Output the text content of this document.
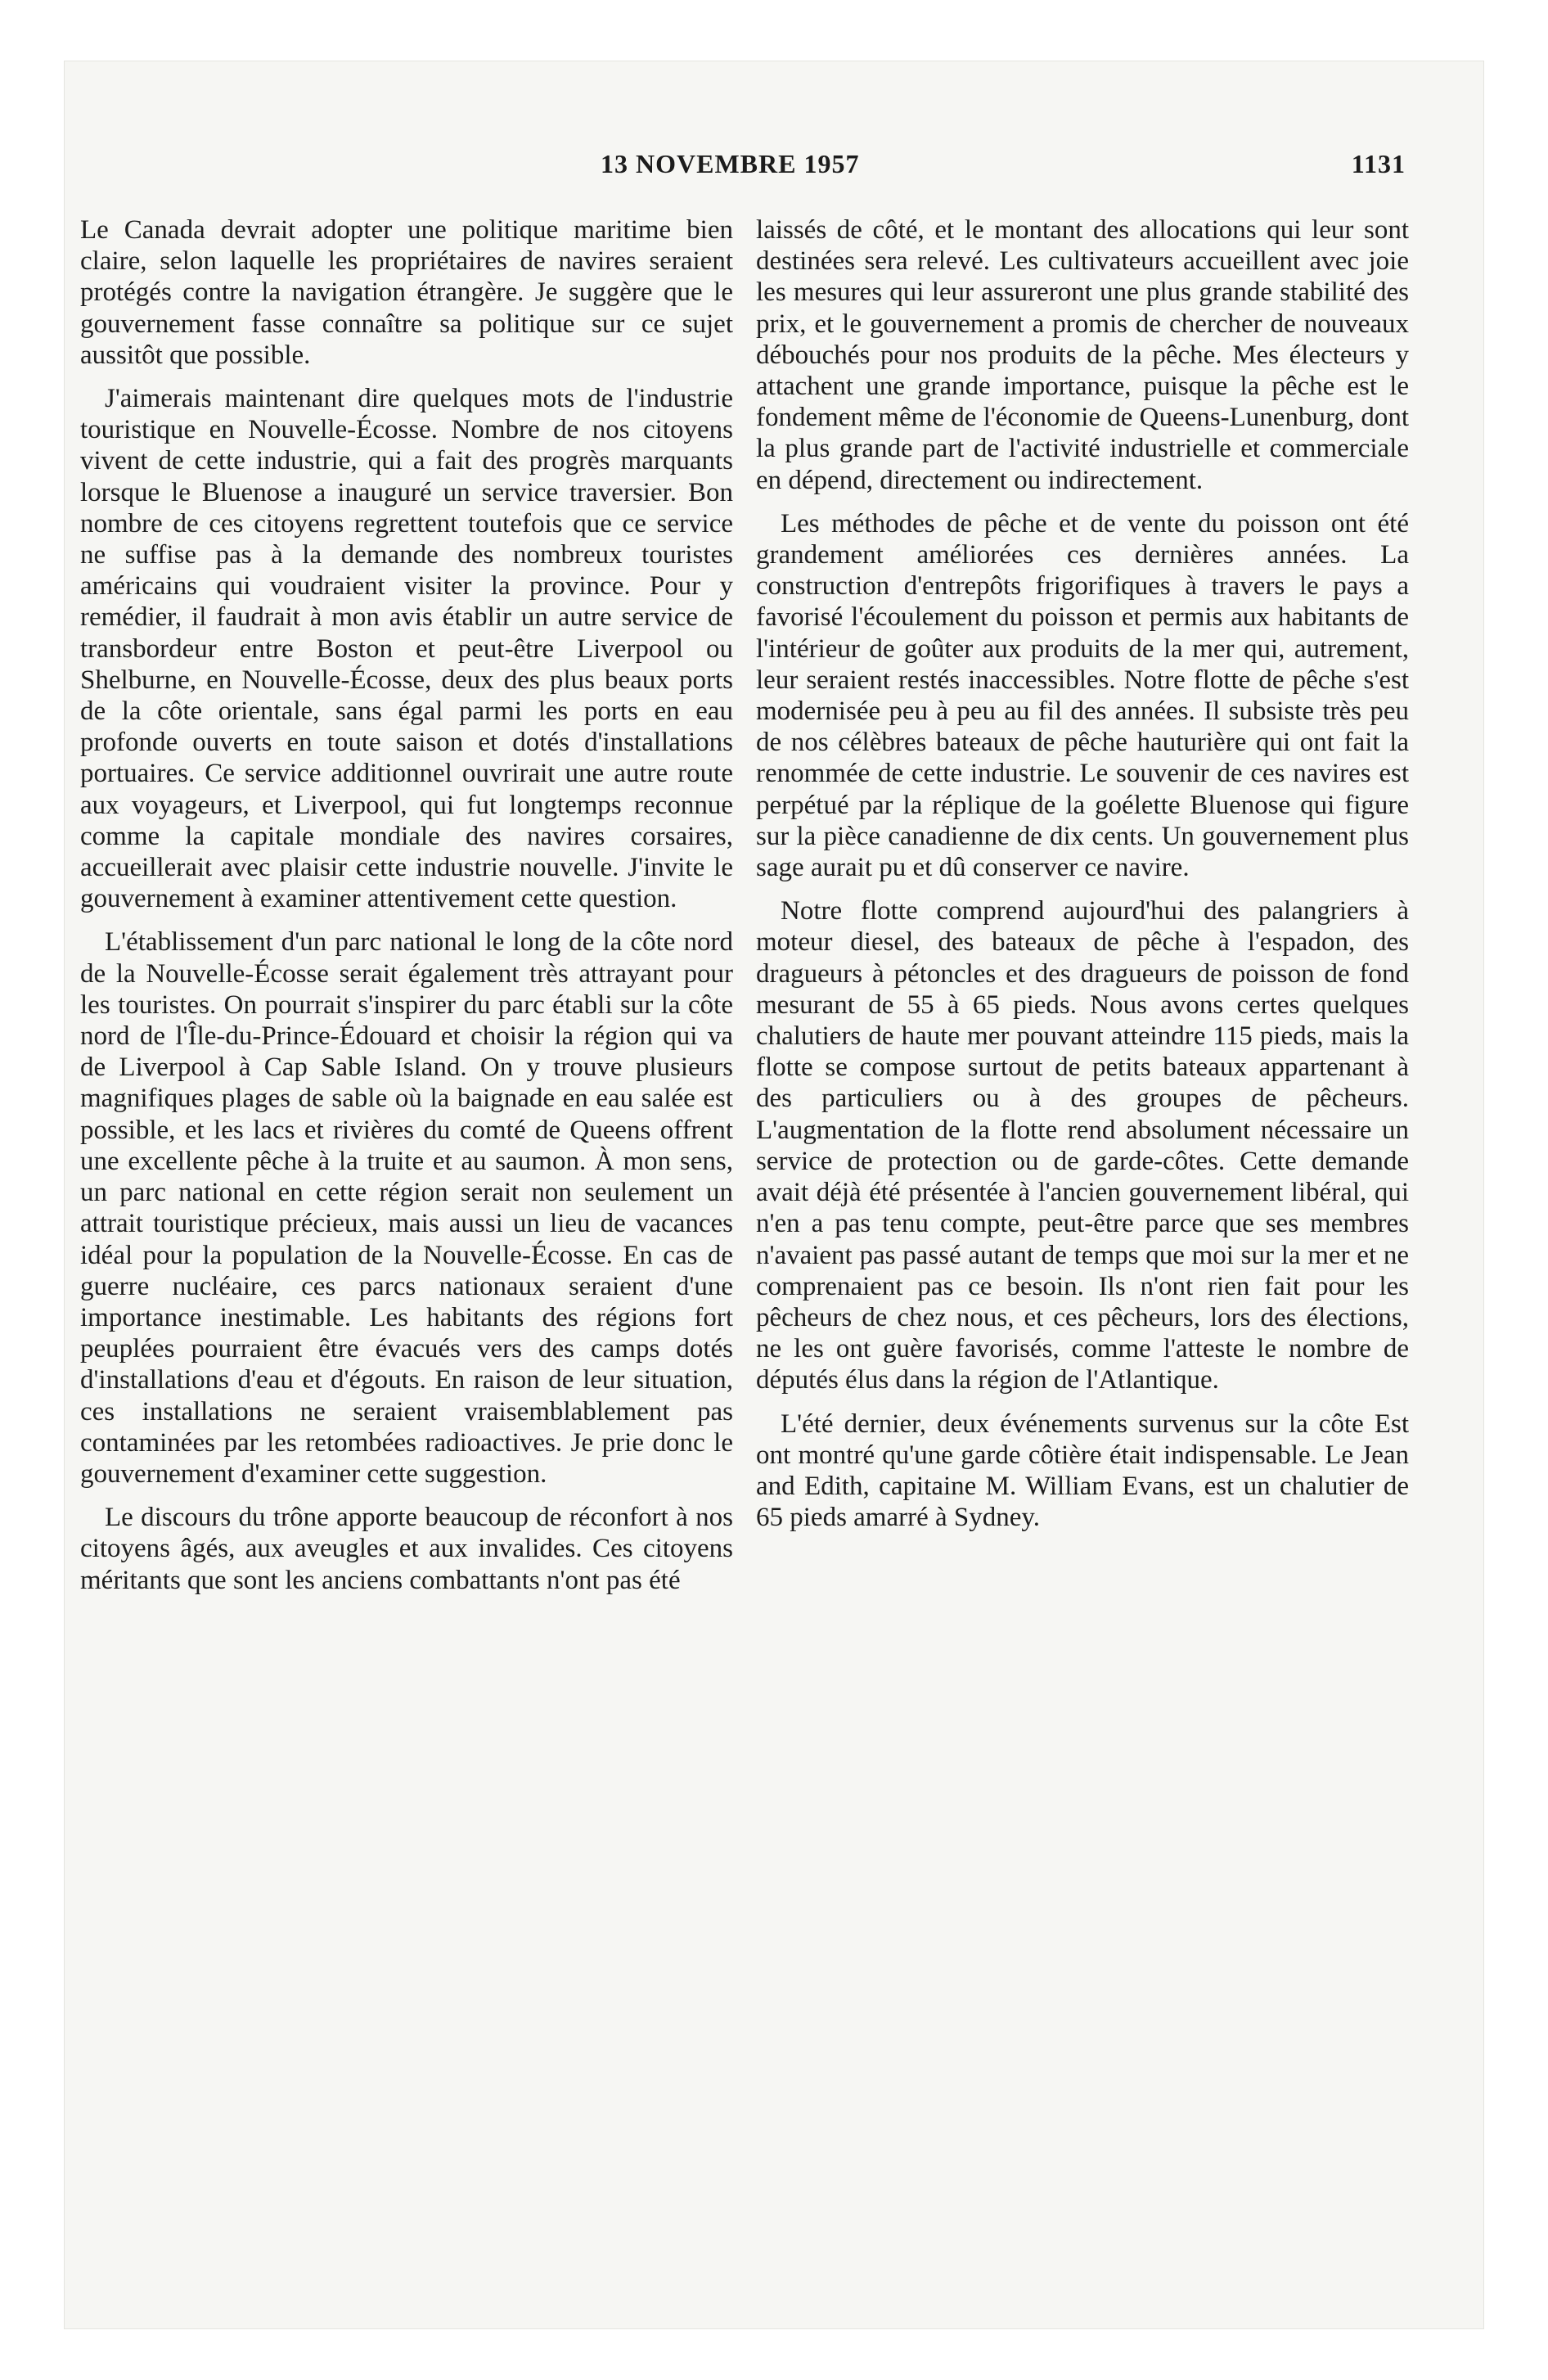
13 NOVEMBRE 1957	1131

Le Canada devrait adopter une politique maritime bien claire, selon laquelle les propriétaires de navires seraient protégés contre la navigation étrangère. Je suggère que le gouvernement fasse connaître sa politique sur ce sujet aussitôt que possible.

J'aimerais maintenant dire quelques mots de l'industrie touristique en Nouvelle-Écosse. Nombre de nos citoyens vivent de cette industrie, qui a fait des progrès marquants lorsque le Bluenose a inauguré un service traversier. Bon nombre de ces citoyens regrettent toutefois que ce service ne suffise pas à la demande des nombreux touristes américains qui voudraient visiter la province. Pour y remédier, il faudrait à mon avis établir un autre service de transbordeur entre Boston et peut-être Liverpool ou Shelburne, en Nouvelle-Écosse, deux des plus beaux ports de la côte orientale, sans égal parmi les ports en eau profonde ouverts en toute saison et dotés d'installations portuaires. Ce service additionnel ouvrirait une autre route aux voyageurs, et Liverpool, qui fut longtemps reconnue comme la capitale mondiale des navires corsaires, accueillerait avec plaisir cette industrie nouvelle. J'invite le gouvernement à examiner attentivement cette question.

L'établissement d'un parc national le long de la côte nord de la Nouvelle-Écosse serait également très attrayant pour les touristes. On pourrait s'inspirer du parc établi sur la côte nord de l'Île-du-Prince-Édouard et choisir la région qui va de Liverpool à Cap Sable Island. On y trouve plusieurs magnifiques plages de sable où la baignade en eau salée est possible, et les lacs et rivières du comté de Queens offrent une excellente pêche à la truite et au saumon. À mon sens, un parc national en cette région serait non seulement un attrait touristique précieux, mais aussi un lieu de vacances idéal pour la population de la Nouvelle-Écosse. En cas de guerre nucléaire, ces parcs nationaux seraient d'une importance inestimable. Les habitants des régions fort peuplées pourraient être évacués vers des camps dotés d'installations d'eau et d'égouts. En raison de leur situation, ces installations ne seraient vraisemblablement pas contaminées par les retombées radioactives. Je prie donc le gouvernement d'examiner cette suggestion.

Le discours du trône apporte beaucoup de réconfort à nos citoyens âgés, aux aveugles et aux invalides. Ces citoyens méritants que sont les anciens combattants n'ont pas été

laissés de côté, et le montant des allocations qui leur sont destinées sera relevé. Les cultivateurs accueillent avec joie les mesures qui leur assureront une plus grande stabilité des prix, et le gouvernement a promis de chercher de nouveaux débouchés pour nos produits de la pêche. Mes électeurs y attachent une grande importance, puisque la pêche est le fondement même de l'économie de Queens-Lunenburg, dont la plus grande part de l'activité industrielle et commerciale en dépend, directement ou indirectement.

Les méthodes de pêche et de vente du poisson ont été grandement améliorées ces dernières années. La construction d'entrepôts frigorifiques à travers le pays a favorisé l'écoulement du poisson et permis aux habitants de l'intérieur de goûter aux produits de la mer qui, autrement, leur seraient restés inaccessibles. Notre flotte de pêche s'est modernisée peu à peu au fil des années. Il subsiste très peu de nos célèbres bateaux de pêche hauturière qui ont fait la renommée de cette industrie. Le souvenir de ces navires est perpétué par la réplique de la goélette Bluenose qui figure sur la pièce canadienne de dix cents. Un gouvernement plus sage aurait pu et dû conserver ce navire.

Notre flotte comprend aujourd'hui des palangriers à moteur diesel, des bateaux de pêche à l'espadon, des dragueurs à pétoncles et des dragueurs de poisson de fond mesurant de 55 à 65 pieds. Nous avons certes quelques chalutiers de haute mer pouvant atteindre 115 pieds, mais la flotte se compose surtout de petits bateaux appartenant à des particuliers ou à des groupes de pêcheurs. L'augmentation de la flotte rend absolument nécessaire un service de protection ou de garde-côtes. Cette demande avait déjà été présentée à l'ancien gouvernement libéral, qui n'en a pas tenu compte, peut-être parce que ses membres n'avaient pas passé autant de temps que moi sur la mer et ne comprenaient pas ce besoin. Ils n'ont rien fait pour les pêcheurs de chez nous, et ces pêcheurs, lors des élections, ne les ont guère favorisés, comme l'atteste le nombre de députés élus dans la région de l'Atlantique.

L'été dernier, deux événements survenus sur la côte Est ont montré qu'une garde côtière était indispensable. Le Jean and Edith, capitaine M. William Evans, est un chalutier de 65 pieds amarré à Sydney.
